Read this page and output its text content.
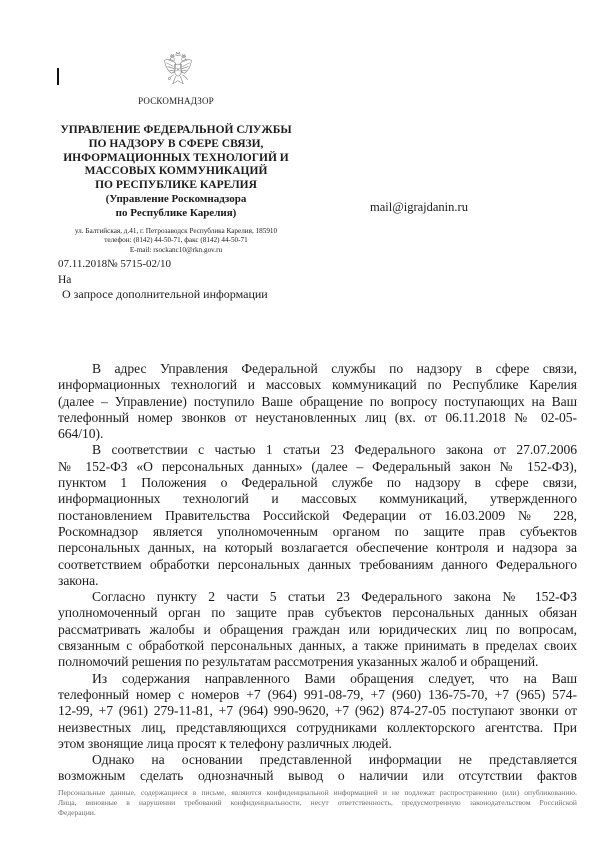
РОСКОМНАДЗОР
УПРАВЛЕНИЕ ФЕДЕРАЛЬНОЙ СЛУЖБЫ
ПО НАДЗОРУ В СФЕРЕ СВЯЗИ,
ИНФОРМАЦИОННЫХ ТЕХНОЛОГИЙ И
МАССОВЫХ КОММУНИКАЦИЙ
ПО РЕСПУБЛИКЕ КАРЕЛИЯ
(Управление Роскомнадзора
по Республике Карелия)
ул. Балтийская, д.41, г. Петрозаводск Республика Карелия, 185910
телефон: (8142) 44-50-71, факс (8142) 44-50-71
E-mail: rsockanc10@rkn.gov.ru
07.11.2018№ 5715-02/10
На
О запросе дополнительной информации
mail@igrajdanin.ru
В адрес Управления Федеральной службы по надзору в сфере связи,
информационных технологий и массовых коммуникаций по Республике Карелия
(далее – Управление) поступило Ваше обращение по вопросу поступающих на Ваш
телефонный номер звонков от неустановленных лиц (вх. от 06.11.2018 № 02-05-
664/10).
В соответствии с частью 1 статьи 23 Федерального закона от 27.07.2006
№ 152-ФЗ «О персональных данных» (далее – Федеральный закон № 152-ФЗ),
пунктом 1 Положения о Федеральной службе по надзору в сфере связи,
информационных технологий и массовых коммуникаций, утвержденного
постановлением Правительства Российской Федерации от 16.03.2009 № 228,
Роскомнадзор является уполномоченным органом по защите прав субъектов
персональных данных, на который возлагается обеспечение контроля и надзора за
соответствием обработки персональных данных требованиям данного Федерального
закона.
Согласно пункту 2 части 5 статьи 23 Федерального закона № 152-ФЗ
уполномоченный орган по защите прав субъектов персональных данных обязан
рассматривать жалобы и обращения граждан или юридических лиц по вопросам,
связанным с обработкой персональных данных, а также принимать в пределах своих
полномочий решения по результатам рассмотрения указанных жалоб и обращений.
Из содержания направленного Вами обращения следует, что на Ваш
телефонный номер с номеров +7 (964) 991-08-79, +7 (960) 136-75-70, +7 (965) 574-
12-99, +7 (961) 279-11-81, +7 (964) 990-9620, +7 (962) 874-27-05 поступают звонки от
неизвестных лиц, представляющихся сотрудниками коллекторского агентства. При
этом звонящие лица просят к телефону различных людей.
Однако на основании представленной информации не представляется
возможным сделать однозначный вывод о наличии или отсутствии фактов
Персональные данные, содержащиеся в письме, являются конфиденциальной информацией и не подлежат распространению (или) опубликованию.
Лица, виновные в нарушении требований конфиденциальности, несут ответственность, предусмотренную законодательством Российской
Федерации.
